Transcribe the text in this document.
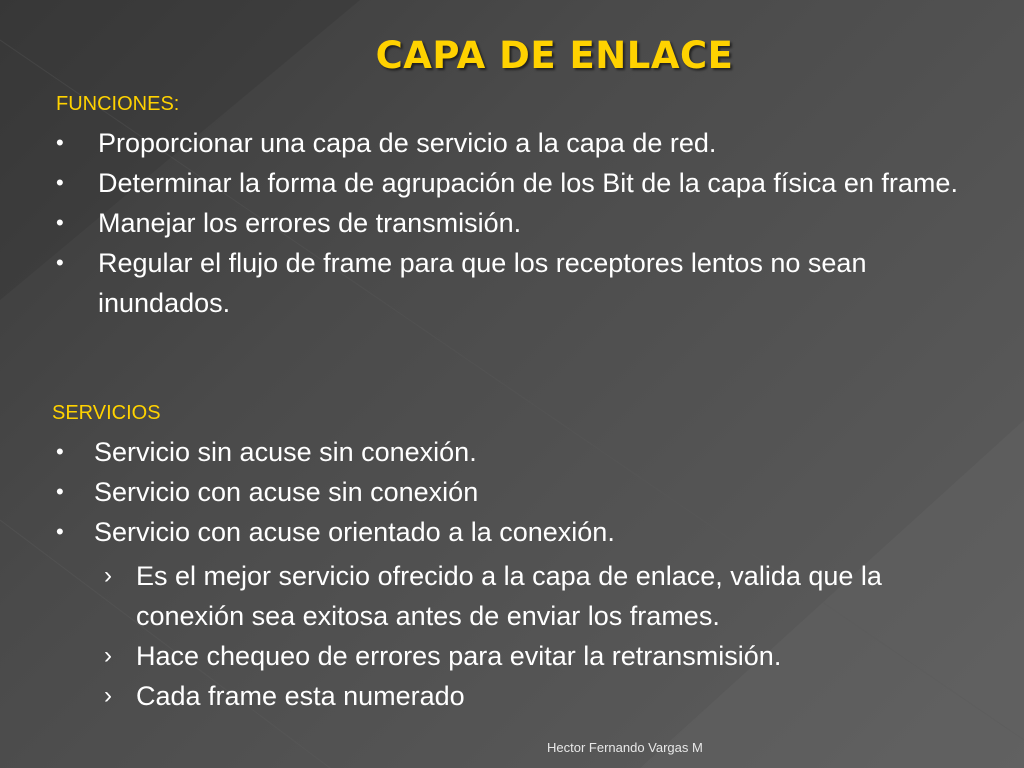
CAPA DE ENLACE
FUNCIONES:
• Proporcionar una capa de servicio a la capa de red.
• Determinar la forma de agrupación de los Bit de la capa física en frame.
• Manejar los errores de transmisión.
• Regular el flujo de frame para que los receptores lentos no sean inundados.
SERVICIOS
• Servicio sin acuse sin conexión.
• Servicio con acuse sin conexión
• Servicio con acuse orientado a la conexión.
› Es el mejor servicio ofrecido a la capa de enlace, valida que la conexión sea exitosa antes de enviar los frames.
› Hace chequeo de errores para evitar la retransmisión.
› Cada frame esta numerado
Hector Fernando Vargas M
